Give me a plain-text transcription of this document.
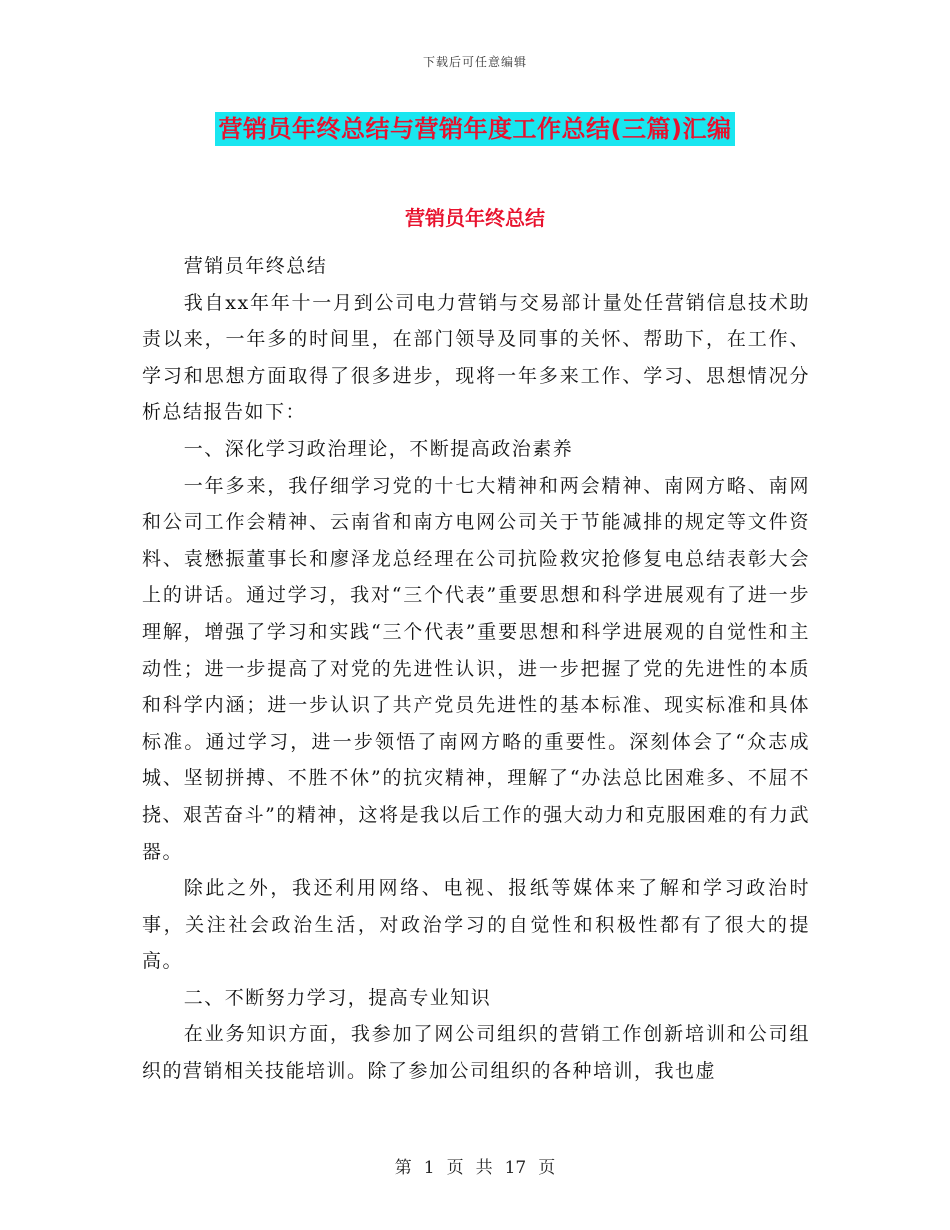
下载后可任意编辑
营销员年终总结与营销年度工作总结(三篇)汇编
营销员年终总结

营销员年终总结

我自xx年年十一月到公司电力营销与交易部计量处任营销信息技术助责以来，一年多的时间里，在部门领导及同事的关怀、帮助下，在工作、学习和思想方面取得了很多进步，现将一年多来工作、学习、思想情况分析总结报告如下：

一、深化学习政治理论，不断提高政治素养

一年多来，我仔细学习党的十七大精神和两会精神、南网方略、南网和公司工作会精神、云南省和南方电网公司关于节能减排的规定等文件资料、袁懋振董事长和廖泽龙总经理在公司抗险救灾抢修复电总结表彰大会上的讲话。通过学习，我对“三个代表”重要思想和科学进展观有了进一步理解，增强了学习和实践“三个代表”重要思想和科学进展观的自觉性和主动性；进一步提高了对党的先进性认识，进一步把握了党的先进性的本质和科学内涵；进一步认识了共产党员先进性的基本标准、现实标准和具体标准。通过学习，进一步领悟了南网方略的重要性。深刻体会了“众志成城、坚韧拼搏、不胜不休”的抗灾精神，理解了“办法总比困难多、不屈不挠、艰苦奋斗”的精神，这将是我以后工作的强大动力和克服困难的有力武器。

除此之外，我还利用网络、电视、报纸等媒体来了解和学习政治时事，关注社会政治生活，对政治学习的自觉性和积极性都有了很大的提高。

二、不断努力学习，提高专业知识

在业务知识方面，我参加了网公司组织的营销工作创新培训和公司组织的营销相关技能培训。除了参加公司组织的各种培训，我也虚

第 1 页 共 17 页
